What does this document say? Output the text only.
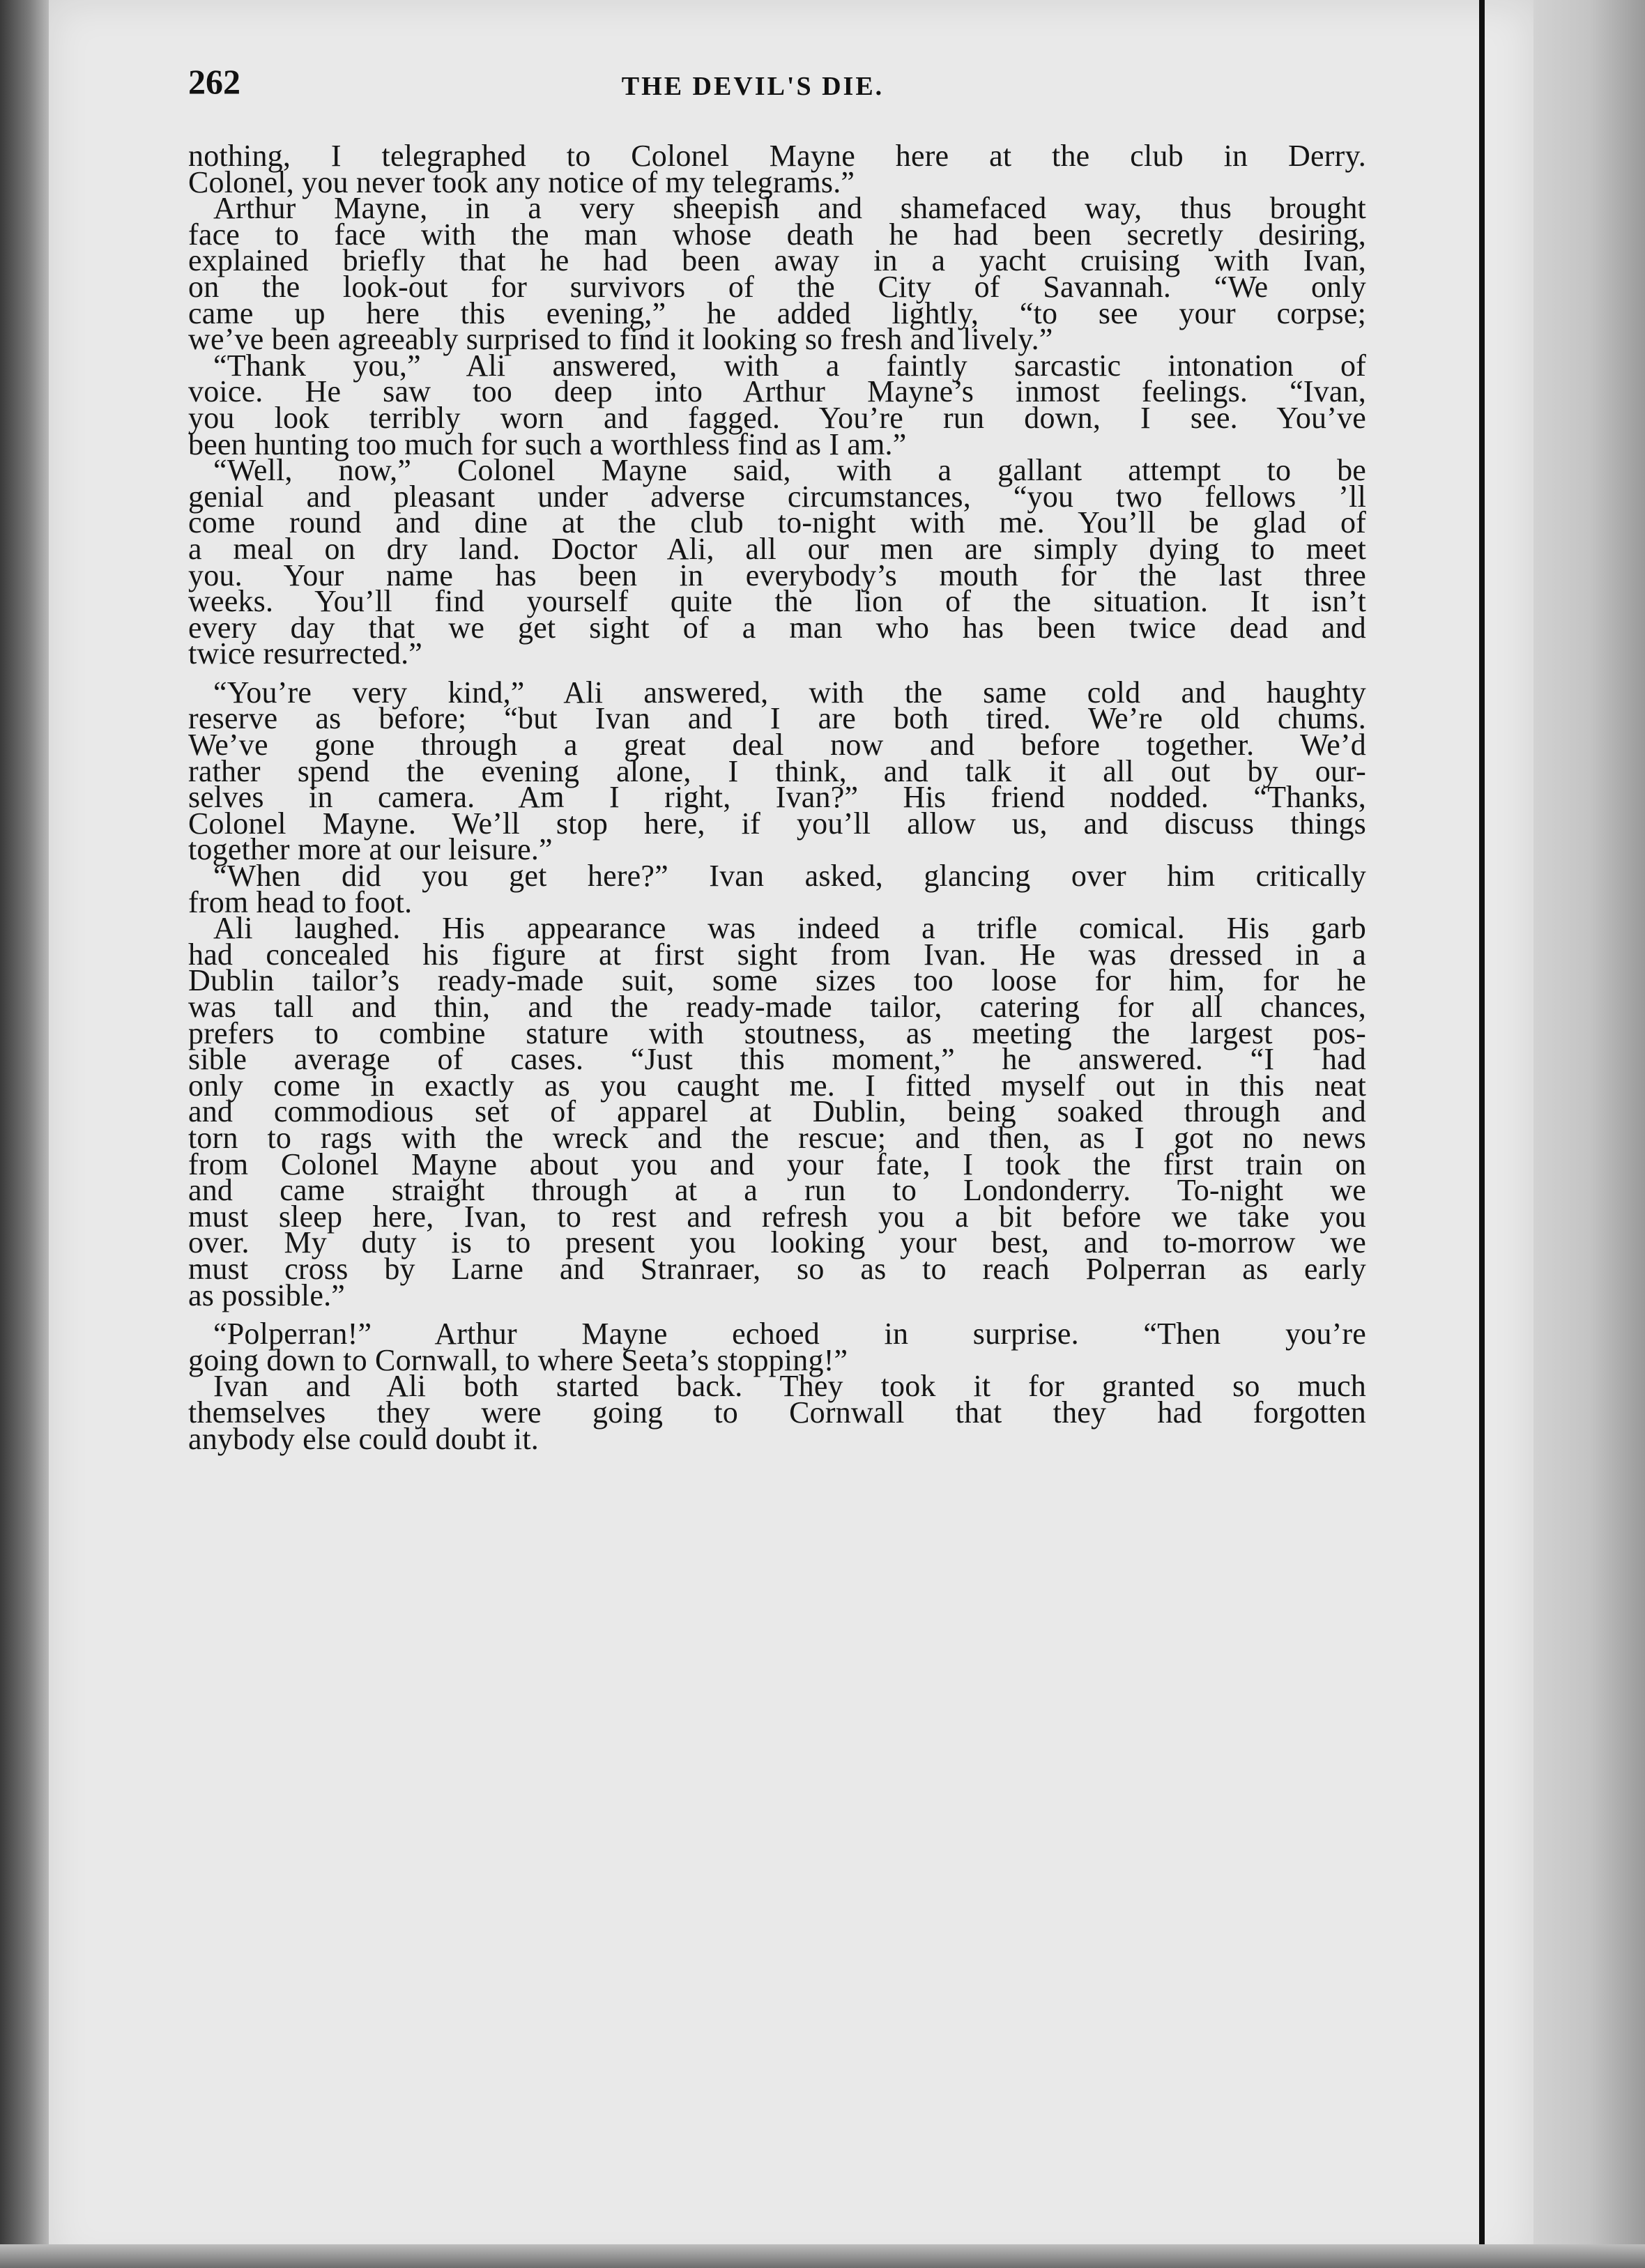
262	THE DEVIL'S DIE.
nothing, I telegraphed to Colonel Mayne here at the club in Derry.
Colonel, you never took any notice of my telegrams.”
Arthur Mayne, in a very sheepish and shamefaced way, thus brought
face to face with the man whose death he had been secretly desiring,
explained briefly that he had been away in a yacht cruising with Ivan,
on the look-out for survivors of the City of Savannah. “We only
came up here this evening,” he added lightly, “to see your corpse;
we’ve been agreeably surprised to find it looking so fresh and lively.”
“Thank you,” Ali answered, with a faintly sarcastic intonation of
voice. He saw too deep into Arthur Mayne’s inmost feelings. “Ivan,
you look terribly worn and fagged. You’re run down, I see. You’ve
been hunting too much for such a worthless find as I am.”
“Well, now,” Colonel Mayne said, with a gallant attempt to be
genial and pleasant under adverse circumstances, “you two fellows ’ll
come round and dine at the club to-night with me. You’ll be glad of
a meal on dry land. Doctor Ali, all our men are simply dying to meet
you. Your name has been in everybody’s mouth for the last three
weeks. You’ll find yourself quite the lion of the situation. It isn’t
every day that we get sight of a man who has been twice dead and
twice resurrected.”
“You’re very kind,” Ali answered, with the same cold and haughty
reserve as before; “but Ivan and I are both tired. We’re old chums.
We’ve gone through a great deal now and before together. We’d
rather spend the evening alone, I think, and talk it all out by our-
selves in camera. Am I right, Ivan?” His friend nodded. “Thanks,
Colonel Mayne. We’ll stop here, if you’ll allow us, and discuss things
together more at our leisure.”
“When did you get here?” Ivan asked, glancing over him critically
from head to foot.
Ali laughed. His appearance was indeed a trifle comical. His garb
had concealed his figure at first sight from Ivan. He was dressed in a
Dublin tailor’s ready-made suit, some sizes too loose for him, for he
was tall and thin, and the ready-made tailor, catering for all chances,
prefers to combine stature with stoutness, as meeting the largest pos-
sible average of cases. “Just this moment,” he answered. “I had
only come in exactly as you caught me. I fitted myself out in this neat
and commodious set of apparel at Dublin, being soaked through and
torn to rags with the wreck and the rescue; and then, as I got no news
from Colonel Mayne about you and your fate, I took the first train on
and came straight through at a run to Londonderry. To-night we
must sleep here, Ivan, to rest and refresh you a bit before we take you
over. My duty is to present you looking your best, and to-morrow we
must cross by Larne and Stranraer, so as to reach Polperran as early
as possible.”
“Polperran!” Arthur Mayne echoed in surprise. “Then you’re
going down to Cornwall, to where Seeta’s stopping!”
Ivan and Ali both started back. They took it for granted so much
themselves they were going to Cornwall that they had forgotten
anybody else could doubt it.
